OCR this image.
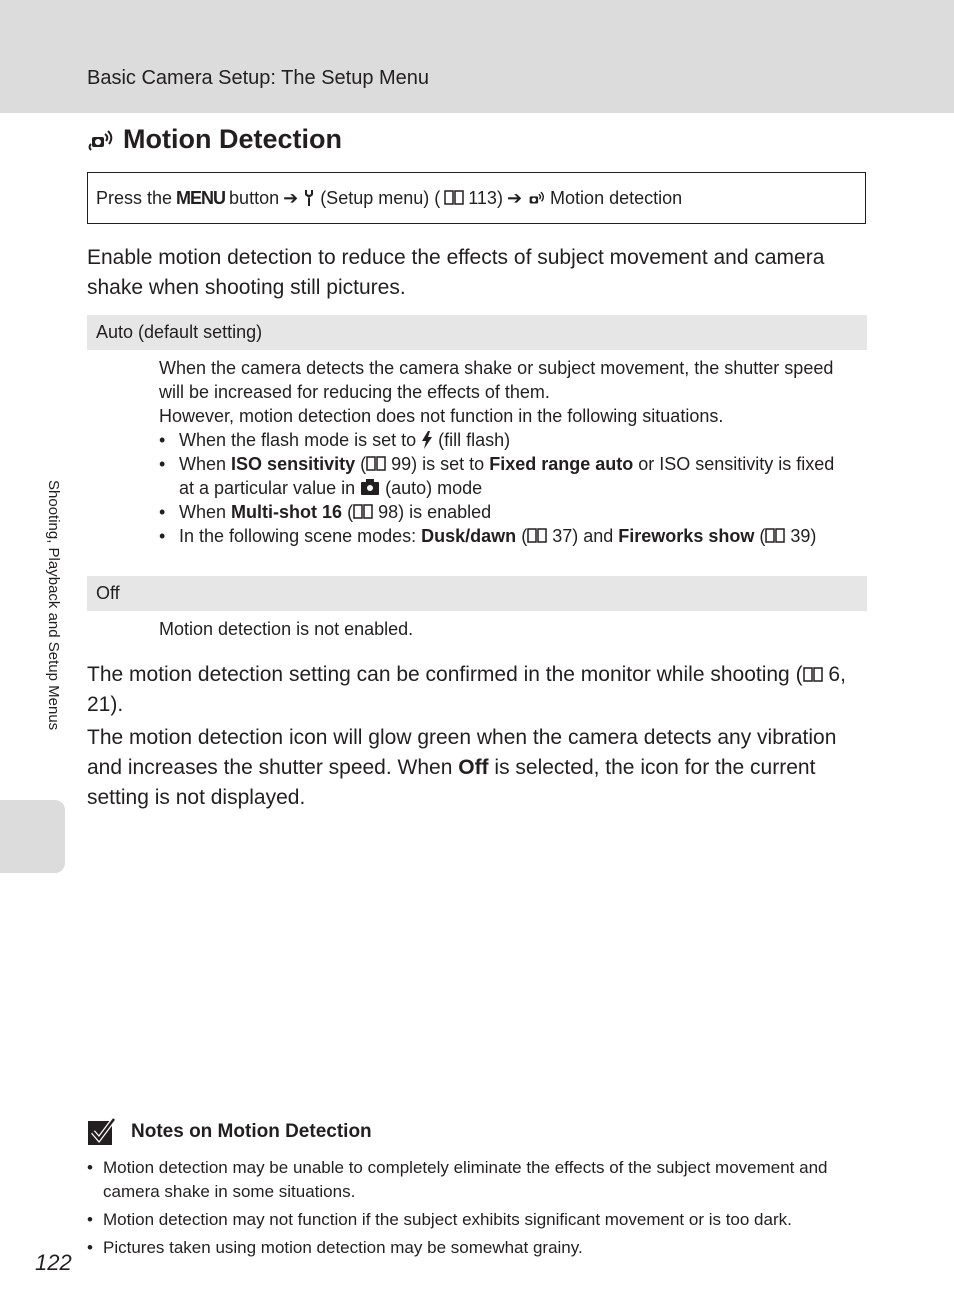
Basic Camera Setup: The Setup Menu
Motion Detection
Press the MENU button ➔ (Setup menu) ( 113) ➔ Motion detection

Enable motion detection to reduce the effects of subject movement and camera shake when shooting still pictures.

Auto (default setting)

When the camera detects the camera shake or subject movement, the shutter speed will be increased for reducing the effects of them.

However, motion detection does not function in the following situations.

• When the flash mode is set to (fill flash)
• When ISO sensitivity ( 99) is set to Fixed range auto or ISO sensitivity is fixed at a particular value in (auto) mode
• When Multi-shot 16 ( 98) is enabled
• In the following scene modes: Dusk/dawn ( 37) and Fireworks show ( 39)
Off
Motion detection is not enabled.

The motion detection setting can be confirmed in the monitor while shooting ( 6, 21).

The motion detection icon will glow green when the camera detects any vibration and increases the shutter speed. When Off is selected, the icon for the current setting is not displayed.

Shooting, Playback and Setup Menus
Notes on Motion Detection
• Motion detection may be unable to completely eliminate the effects of the subject movement and camera shake in some situations.
• Motion detection may not function if the subject exhibits significant movement or is too dark.
• Pictures taken using motion detection may be somewhat grainy.
122
